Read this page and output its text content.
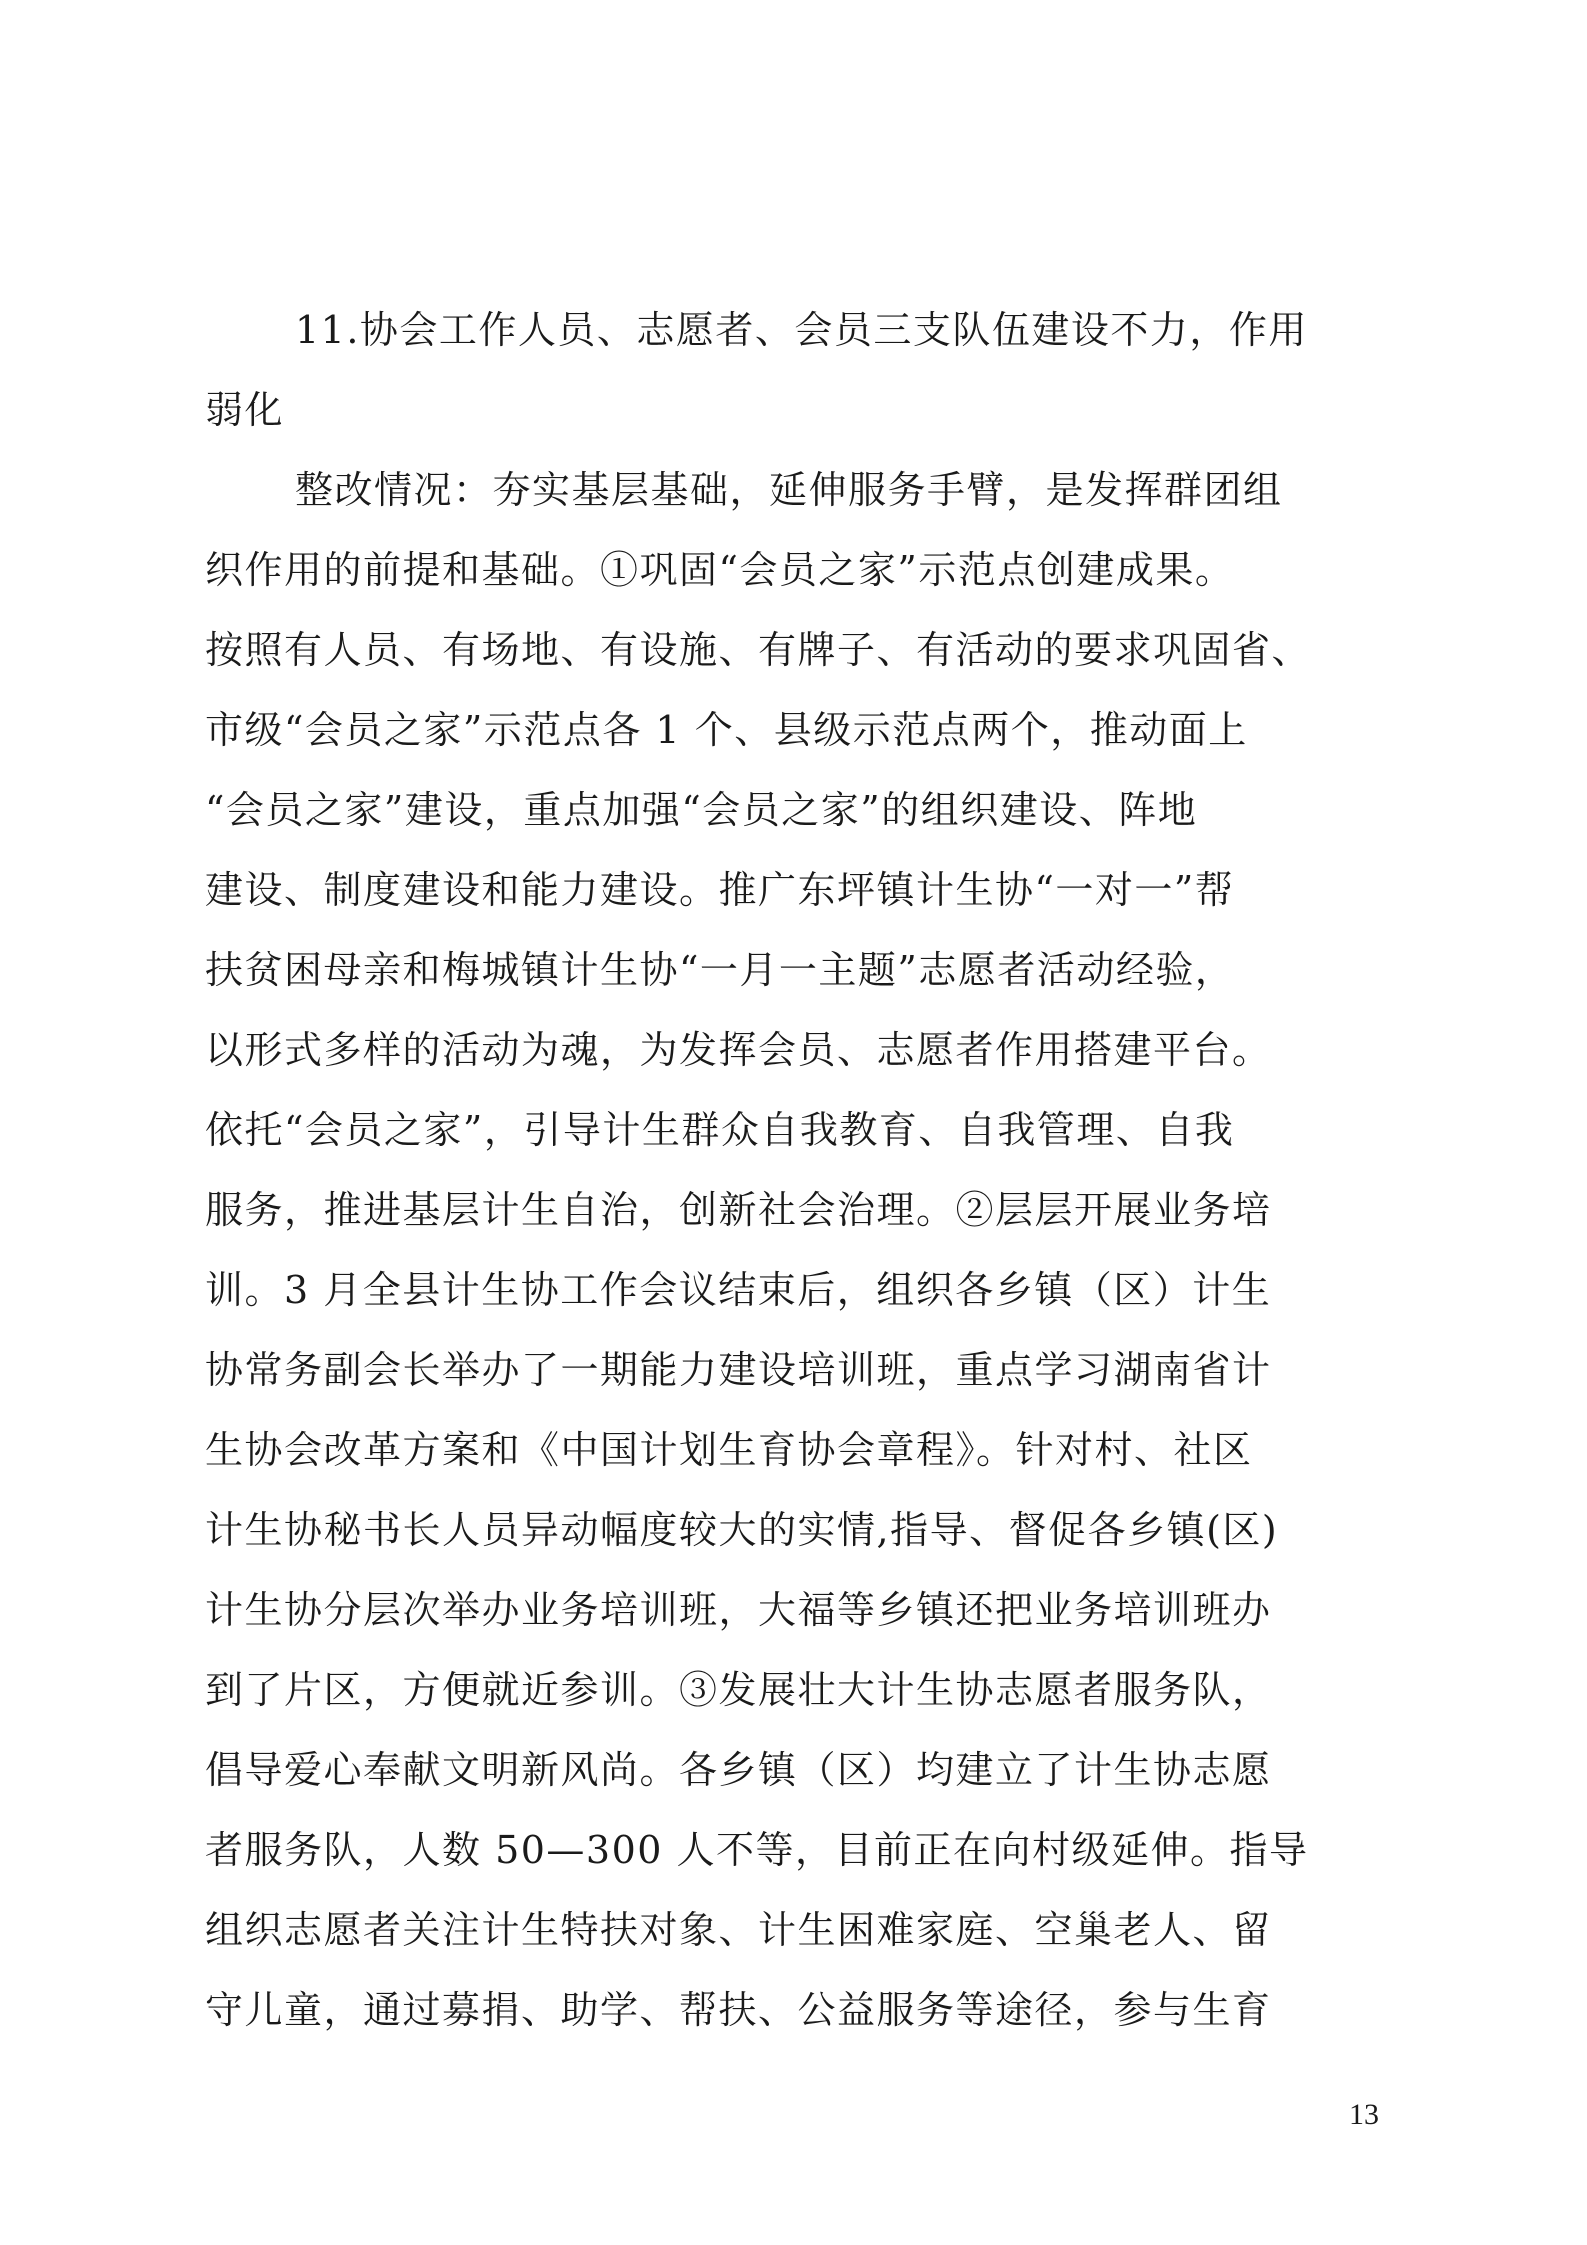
11.协会工作人员、志愿者、会员三支队伍建设不力，作用
弱化
整改情况：夯实基层基础，延伸服务手臂，是发挥群团组
织作用的前提和基础。①巩固“会员之家”示范点创建成果。
按照有人员、有场地、有设施、有牌子、有活动的要求巩固省、
市级“会员之家”示范点各 1 个、县级示范点两个，推动面上
“会员之家”建设，重点加强“会员之家”的组织建设、阵地
建设、制度建设和能力建设。推广东坪镇计生协“一对一”帮
扶贫困母亲和梅城镇计生协“一月一主题”志愿者活动经验，
以形式多样的活动为魂，为发挥会员、志愿者作用搭建平台。
依托“会员之家”，引导计生群众自我教育、自我管理、自我
服务，推进基层计生自治，创新社会治理。②层层开展业务培
训。3 月全县计生协工作会议结束后，组织各乡镇（区）计生
协常务副会长举办了一期能力建设培训班，重点学习湖南省计
生协会改革方案和《中国计划生育协会章程》。针对村、社区
计生协秘书长人员异动幅度较大的实情,指导、督促各乡镇(区)
计生协分层次举办业务培训班，大福等乡镇还把业务培训班办
到了片区，方便就近参训。③发展壮大计生协志愿者服务队，
倡导爱心奉献文明新风尚。各乡镇（区）均建立了计生协志愿
者服务队，人数 50—300 人不等，目前正在向村级延伸。指导
组织志愿者关注计生特扶对象、计生困难家庭、空巢老人、留
守儿童，通过募捐、助学、帮扶、公益服务等途径，参与生育
13
